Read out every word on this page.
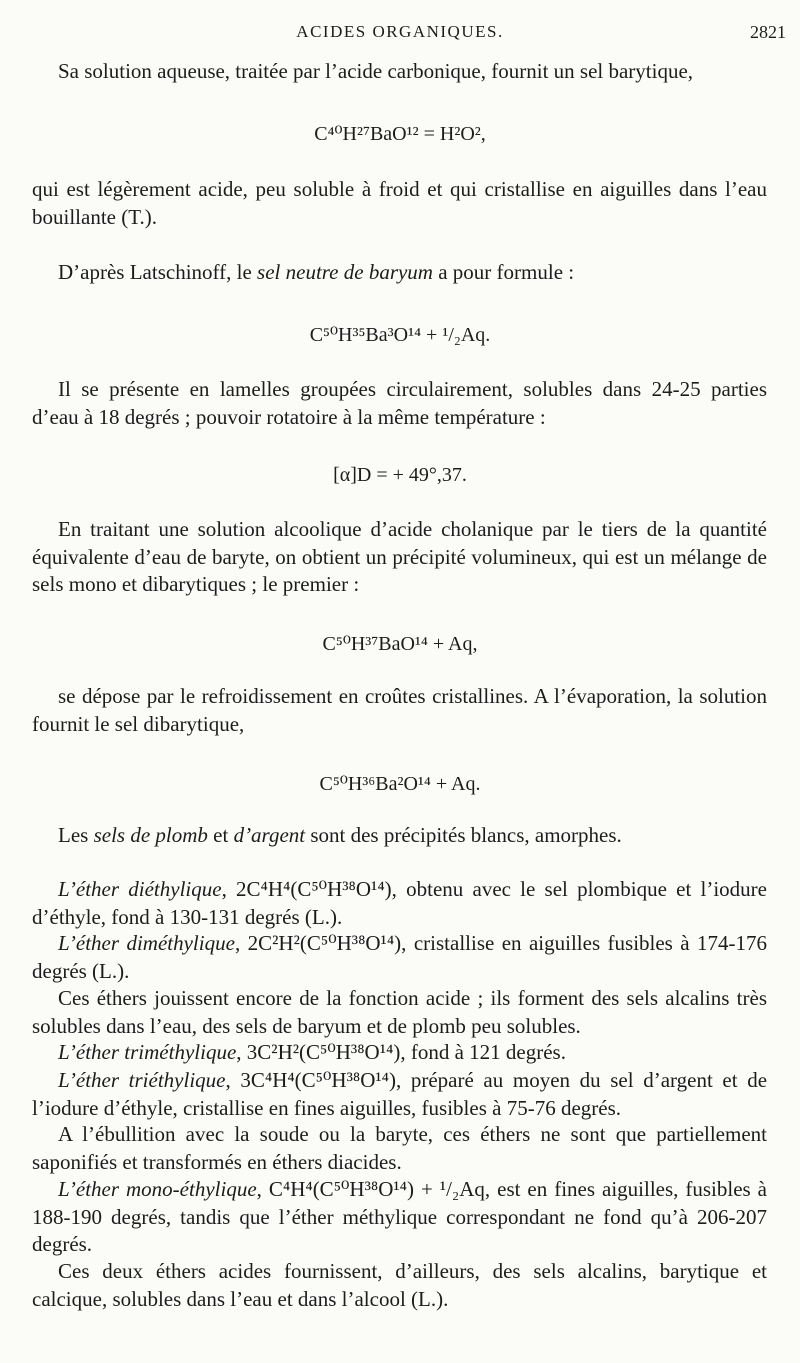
ACIDES ORGANIQUES.	2821

Sa solution aqueuse, traitée par l’acide carbonique, fournit un sel barytique,

C⁴⁰H²⁷BaO¹² = H²O²,

qui est légèrement acide, peu soluble à froid et qui cristallise en aiguilles dans l’eau bouillante (T.).

D’après Latschinoff, le sel neutre de baryum a pour formule :

C⁵⁰H³⁵Ba³O¹⁴ + ¹/₂Aq.

Il se présente en lamelles groupées circulairement, solubles dans 24-25 parties d’eau à 18 degrés ; pouvoir rotatoire à la même température :

[α]D = + 49°,37.

En traitant une solution alcoolique d’acide cholanique par le tiers de la quantité équivalente d’eau de baryte, on obtient un précipité volumineux, qui est un mélange de sels mono et dibarytiques ; le premier :

C⁵⁰H³⁷BaO¹⁴ + Aq,

se dépose par le refroidissement en croûtes cristallines. A l’évaporation, la solution fournit le sel dibarytique,

C⁵⁰H³⁶Ba²O¹⁴ + Aq.

Les sels de plomb et d’argent sont des précipités blancs, amorphes.

L’éther diéthylique, 2C⁴H⁴(C⁵⁰H³⁸O¹⁴), obtenu avec le sel plombique et l’iodure d’éthyle, fond à 130-131 degrés (L.).

L’éther diméthylique, 2C²H²(C⁵⁰H³⁸O¹⁴), cristallise en aiguilles fusibles à 174-176 degrés (L.).

Ces éthers jouissent encore de la fonction acide ; ils forment des sels alcalins très solubles dans l’eau, des sels de baryum et de plomb peu solubles.

L’éther triméthylique, 3C²H²(C⁵⁰H³⁸O¹⁴), fond à 121 degrés.

L’éther triéthylique, 3C⁴H⁴(C⁵⁰H³⁸O¹⁴), préparé au moyen du sel d’argent et de l’iodure d’éthyle, cristallise en fines aiguilles, fusibles à 75-76 degrés.

A l’ébullition avec la soude ou la baryte, ces éthers ne sont que partiellement saponifiés et transformés en éthers diacides.

L’éther mono-éthylique, C⁴H⁴(C⁵⁰H³⁸O¹⁴) + ¹/₂Aq, est en fines aiguilles, fusibles à 188-190 degrés, tandis que l’éther méthylique correspondant ne fond qu’à 206-207 degrés.

Ces deux éthers acides fournissent, d’ailleurs, des sels alcalins, barytique et calcique, solubles dans l’eau et dans l’alcool (L.).
